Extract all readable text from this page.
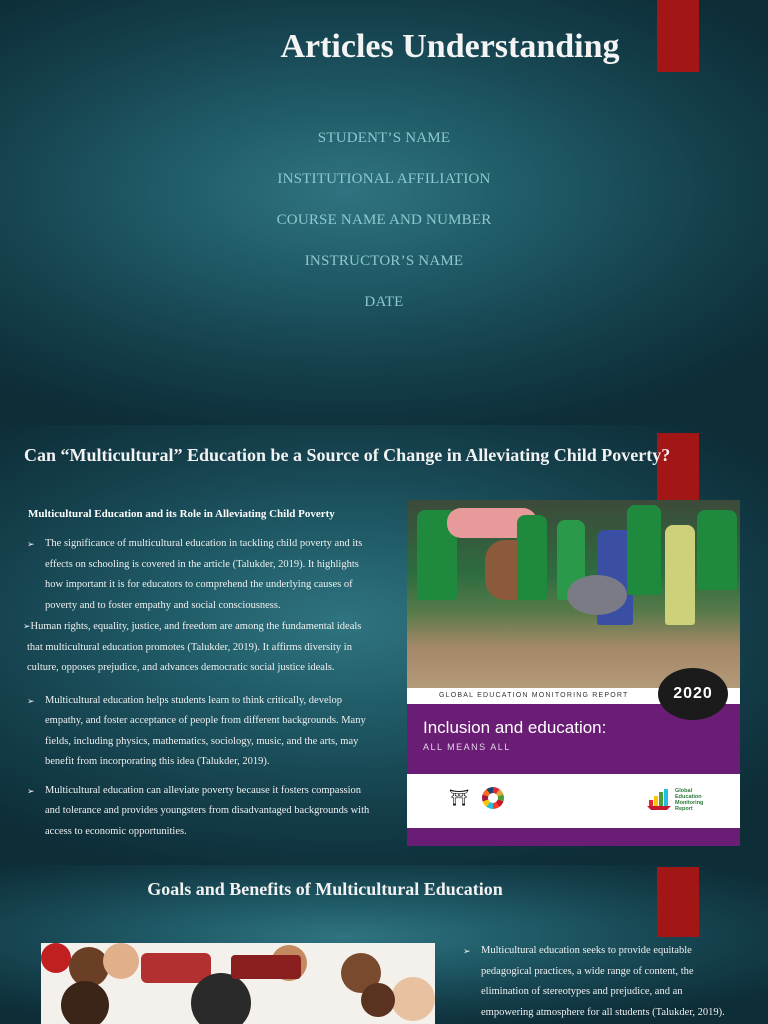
Articles Understanding
STUDENT’S NAME
INSTITUTIONAL AFFILIATION
COURSE NAME AND NUMBER
INSTRUCTOR’S NAME
DATE
Can “Multicultural” Education be a Source of Change in Alleviating Child Poverty?
Multicultural Education and its Role in Alleviating Child Poverty
➢ The significance of multicultural education in tackling child poverty and its
effects on schooling is covered in the article (Talukder, 2019). It highlights
how important it is for educators to comprehend the underlying causes of
poverty and to foster empathy and social consciousness.
➢Human rights, equality, justice, and freedom are among the fundamental ideals
that multicultural education promotes (Talukder, 2019). It affirms diversity in
culture, opposes prejudice, and advances democratic social justice ideals.
➢ Multicultural education helps students learn to think critically, develop
empathy, and foster acceptance of people from different backgrounds. Many
fields, including physics, mathematics, sociology, music, and the arts, may
benefit from incorporating this idea (Talukder, 2019).
➢ Multicultural education can alleviate poverty because it fosters compassion
and tolerance and provides youngsters from disadvantaged backgrounds with
access to economic opportunities.
GLOBAL EDUCATION MONITORING REPORT
Inclusion and education:
ALL MEANS ALL
2020
⛩	Global Education Monitoring Report
Goals and Benefits of Multicultural Education
➢ Multicultural education seeks to provide equitable
pedagogical practices, a wide range of content, the
elimination of stereotypes and prejudice, and an
empowering atmosphere for all students (Talukder, 2019).
